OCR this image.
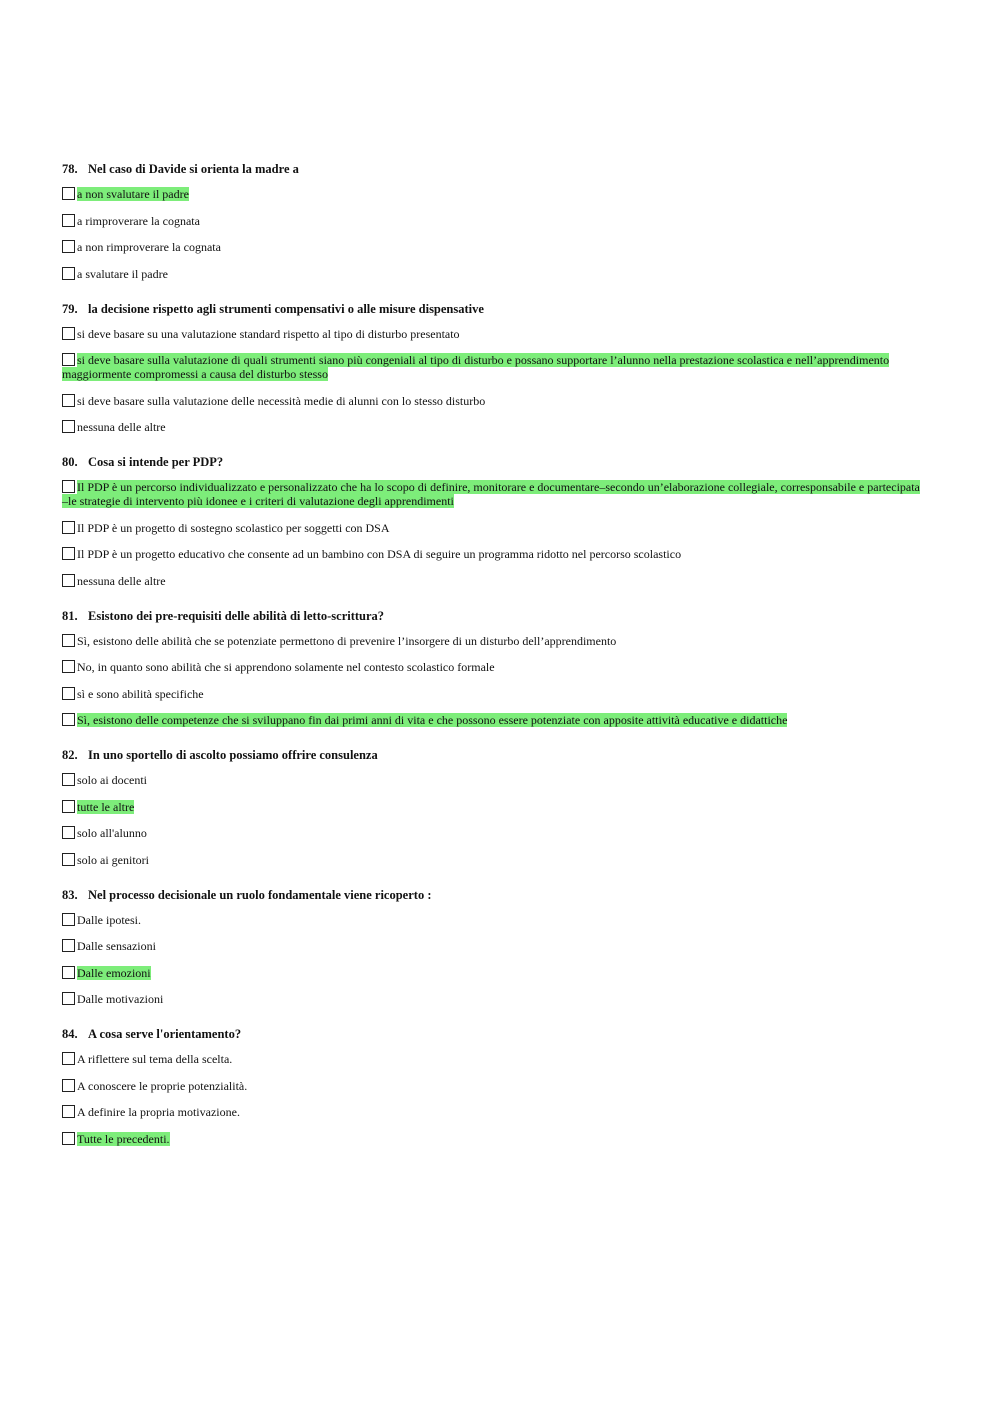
78. Nel caso di Davide si orienta la madre a
a non svalutare il padre
a rimproverare la cognata
a non rimproverare la cognata
a svalutare il padre
79. la decisione rispetto agli strumenti compensativi o alle misure dispensative
si deve basare su una valutazione standard rispetto al tipo di disturbo presentato
si deve basare sulla valutazione di quali strumenti siano più congeniali al tipo di disturbo e possano supportare l’alunno nella prestazione scolastica e nell’apprendimento maggiormente compromessi a causa del disturbo stesso
si deve basare sulla valutazione delle necessità medie di alunni con lo stesso disturbo
nessuna delle altre
80. Cosa si intende per PDP?
Il PDP è un percorso individualizzato e personalizzato che ha lo scopo di definire, monitorare e documentare–secondo un’elaborazione collegiale, corresponsabile e partecipata –le strategie di intervento più idonee e i criteri di valutazione degli apprendimenti
Il PDP è un progetto di sostegno scolastico per soggetti con DSA
Il PDP è un progetto educativo che consente ad un bambino con DSA di seguire un programma ridotto nel percorso scolastico
nessuna delle altre
81. Esistono dei pre-requisiti delle abilità di letto-scrittura?
Sì, esistono delle abilità che se potenziate permettono di prevenire l’insorgere di un disturbo dell’apprendimento
No, in quanto sono abilità che si apprendono solamente nel contesto scolastico formale
sì e sono abilità specifiche
Sì, esistono delle competenze che si sviluppano fin dai primi anni di vita e che possono essere potenziate con apposite attività educative e didattiche
82. In uno sportello di ascolto possiamo offrire consulenza
solo ai docenti
tutte le altre
solo all'alunno
solo ai genitori
83. Nel processo decisionale un ruolo fondamentale viene ricoperto :
Dalle ipotesi.
Dalle sensazioni
Dalle emozioni
Dalle motivazioni
84. A cosa serve l'orientamento?
A riflettere sul tema della scelta.
A conoscere le proprie potenzialità.
A definire la propria motivazione.
Tutte le precedenti.
